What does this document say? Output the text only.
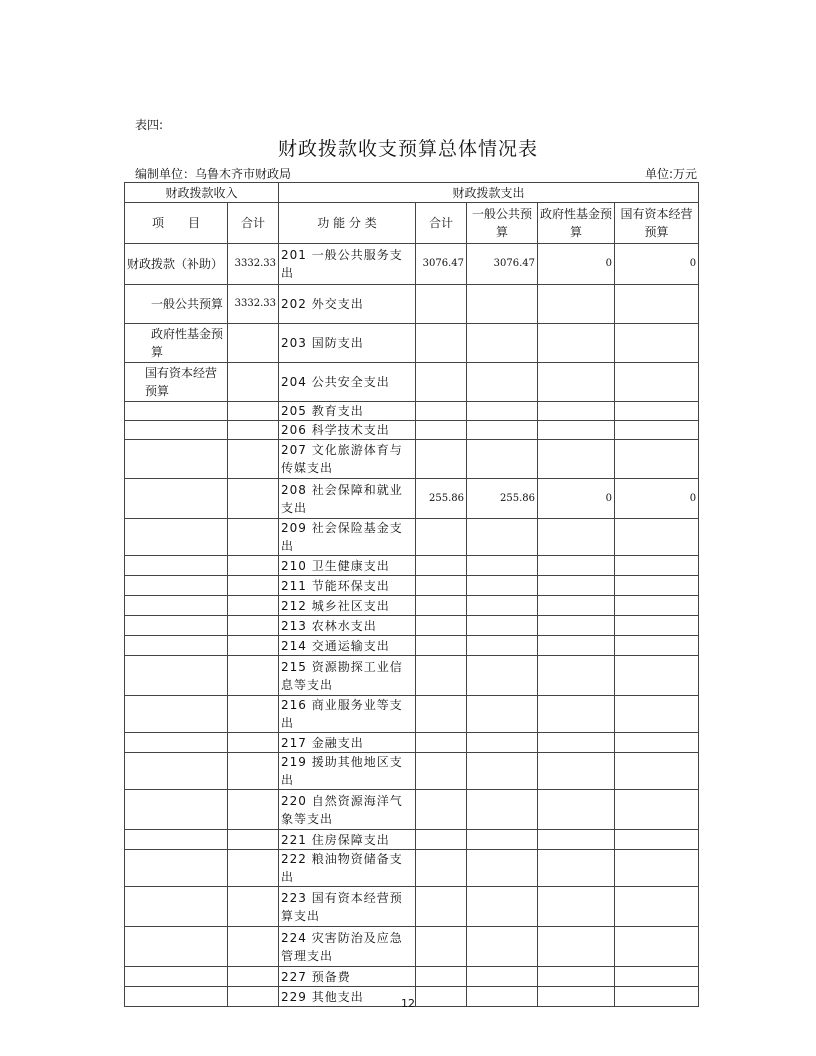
表四:
财政拨款收支预算总体情况表
编制单位：乌鲁木齐市财政局	单位:万元
财政拨款收入		财政拨款支出				
项　　目	合计	功 能 分 类	合计	一般公共预算	政府性基金预算	国有资本经营预算
财政拨款（补助）	3332.33	201 一般公共服务支出	3076.47	3076.47	0	0
一般公共预算	3332.33	202 外交支出				
政府性基金预算		203 国防支出				
国有资本经营预算		204 公共安全支出				
		205 教育支出				
		206 科学技术支出				
		207 文化旅游体育与传媒支出				
		208 社会保障和就业支出	255.86	255.86	0	0
		209 社会保险基金支出				
		210 卫生健康支出				
		211 节能环保支出				
		212 城乡社区支出				
		213 农林水支出				
		214 交通运输支出				
		215 资源勘探工业信息等支出				
		216 商业服务业等支出				
		217 金融支出				
		219 援助其他地区支出				
		220 自然资源海洋气象等支出				
		221 住房保障支出				
		222 粮油物资储备支出				
		223 国有资本经营预算支出				
		224 灾害防治及应急管理支出				
		227 预备费				
		229 其他支出					12
